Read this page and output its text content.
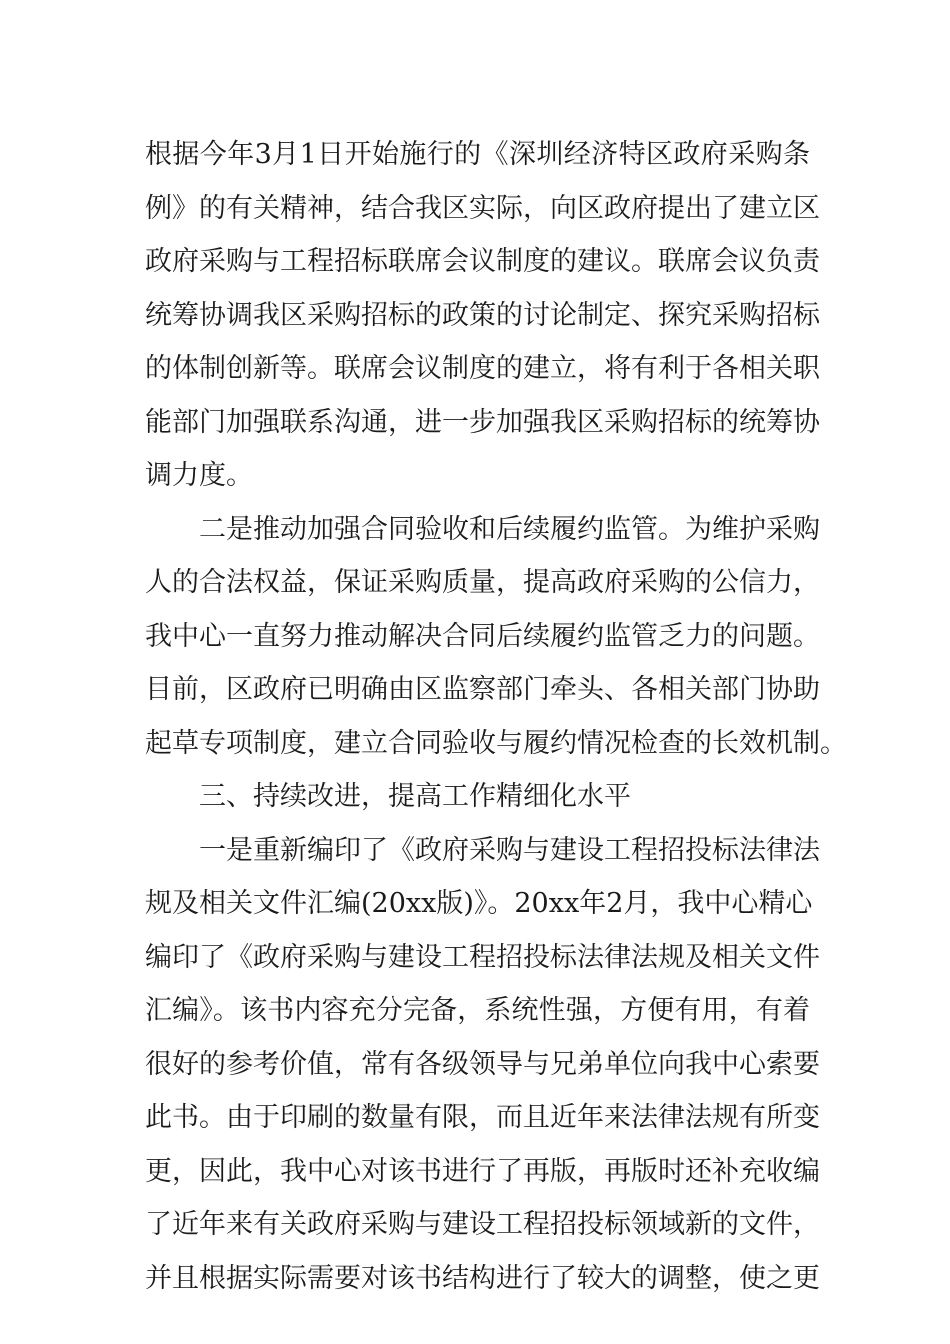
根据今年3月1日开始施行的《深圳经济特区政府采购条
例》的有关精神，结合我区实际，向区政府提出了建立区
政府采购与工程招标联席会议制度的建议。联席会议负责
统筹协调我区采购招标的政策的讨论制定、探究采购招标
的体制创新等。联席会议制度的建立，将有利于各相关职
能部门加强联系沟通，进一步加强我区采购招标的统筹协
调力度。
二是推动加强合同验收和后续履约监管。为维护采购
人的合法权益，保证采购质量，提高政府采购的公信力，
我中心一直努力推动解决合同后续履约监管乏力的问题。
目前，区政府已明确由区监察部门牵头、各相关部门协助
起草专项制度，建立合同验收与履约情况检查的长效机制。
三、持续改进，提高工作精细化水平
一是重新编印了《政府采购与建设工程招投标法律法
规及相关文件汇编(20xx版)》。20xx年2月，我中心精心
编印了《政府采购与建设工程招投标法律法规及相关文件
汇编》。该书内容充分完备，系统性强，方便有用，有着
很好的参考价值，常有各级领导与兄弟单位向我中心索要
此书。由于印刷的数量有限，而且近年来法律法规有所变
更，因此，我中心对该书进行了再版，再版时还补充收编
了近年来有关政府采购与建设工程招投标领域新的文件，
并且根据实际需要对该书结构进行了较大的调整，使之更
